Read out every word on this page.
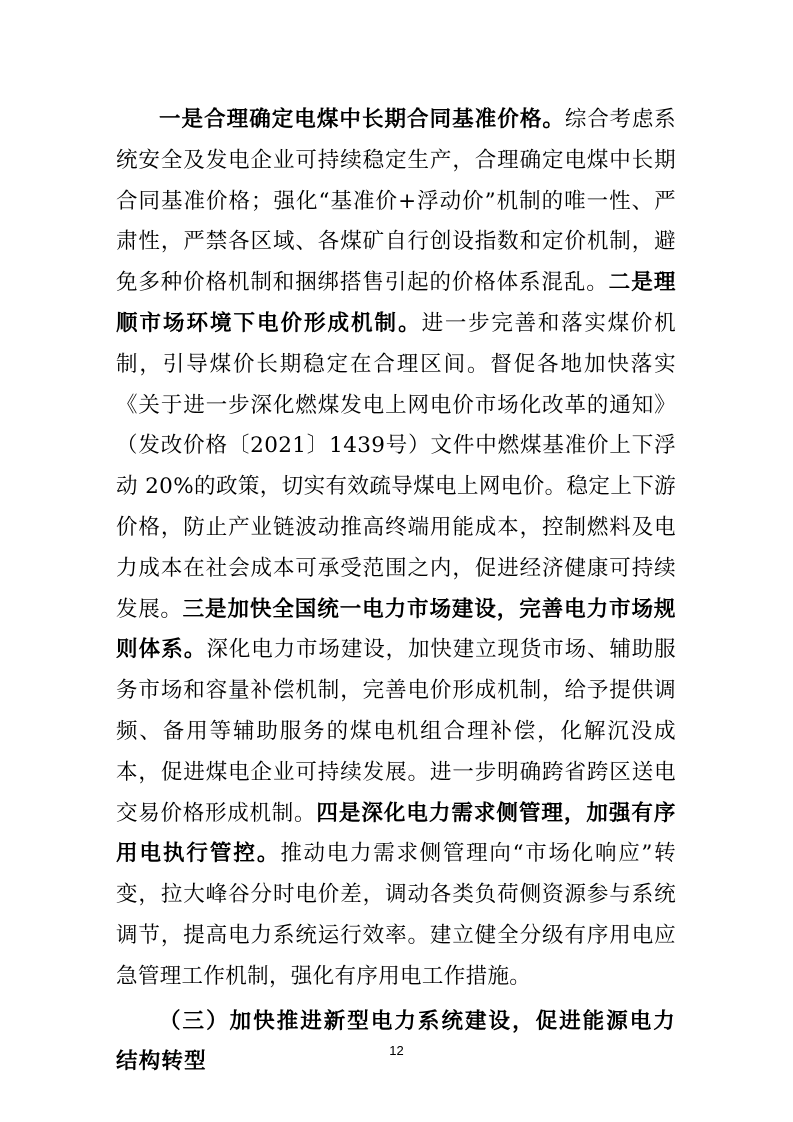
一是合理确定电煤中长期合同基准价格。综合考虑系统安全及发电企业可持续稳定生产，合理确定电煤中长期合同基准价格；强化“基准价+浮动价”机制的唯一性、严肃性，严禁各区域、各煤矿自行创设指数和定价机制，避免多种价格机制和捆绑搭售引起的价格体系混乱。二是理顺市场环境下电价形成机制。进一步完善和落实煤价机制，引导煤价长期稳定在合理区间。督促各地加快落实《关于进一步深化燃煤发电上网电价市场化改革的通知》（发改价格〔2021〕1439号）文件中燃煤基准价上下浮动 20%的政策，切实有效疏导煤电上网电价。稳定上下游价格，防止产业链波动推高终端用能成本，控制燃料及电力成本在社会成本可承受范围之内，促进经济健康可持续发展。三是加快全国统一电力市场建设，完善电力市场规则体系。深化电力市场建设，加快建立现货市场、辅助服务市场和容量补偿机制，完善电价形成机制，给予提供调频、备用等辅助服务的煤电机组合理补偿，化解沉没成本，促进煤电企业可持续发展。进一步明确跨省跨区送电交易价格形成机制。四是深化电力需求侧管理，加强有序用电执行管控。推动电力需求侧管理向“市场化响应”转变，拉大峰谷分时电价差，调动各类负荷侧资源参与系统调节，提高电力系统运行效率。建立健全分级有序用电应急管理工作机制，强化有序用电工作措施。

（三）加快推进新型电力系统建设，促进能源电力结构转型	12
